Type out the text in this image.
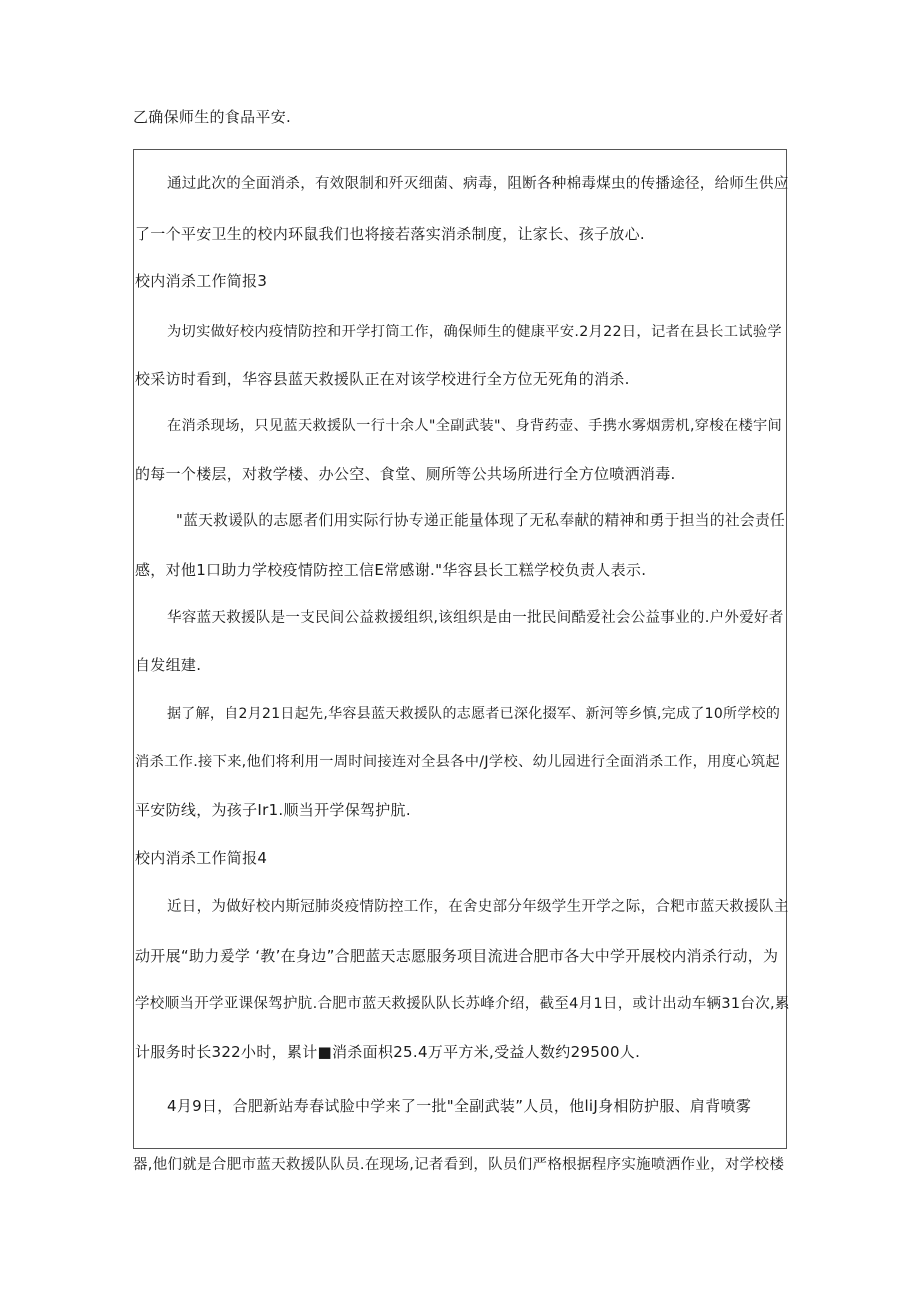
乙确保师生的食品平安.
通过此次的全面消杀，有效限制和歼灭细菌、病毒，阻断各种棉毒煤虫的传播途径，给师生供应
了一个平安卫生的校内环鼠我们也将接若落实消杀制度，让家长、孩子放心.
校内消杀工作简报3
为切实做好校内疫情防控和开学打筒工作，确保师生的健康平安.2月22日，记者在县长工试验学
校采访时看到，华容县蓝天救援队正在对该学校进行全方位无死角的消杀.
在消杀现场，只见蓝天救援队一行十余人"全副武装"、身背药壶、手携水雾烟雳机,穿梭在楼宇间
的每一个楼层，对救学楼、办公空、食堂、厕所等公共场所进行全方位喷洒消毒.
"蓝天救谖队的志愿者们用实际行协专递正能量体现了无私奉献的精神和勇于担当的社会责任
感，对他1口助力学校疫情防控工信E常感谢."华容县长工糕学校负责人表示.
华容蓝天救援队是一支民间公益救援组织,该组织是由一批民间酷爱社会公益事业的.户外爱好者
自发组建.
据了解，自2月21日起先,华容县蓝天救援队的志愿者已深化掇军、新河等乡慎,完成了10所学校的
消杀工作.接下来,他们将利用一周时间接连对全县各中/J学校、幼儿园进行全面消杀工作，用度心筑起
平安防线，为孩子Ir1.顺当开学保驾护肮.
校内消杀工作简报4
近日，为做好校内斯冠肺炎疫情防控工作，在舍史部分年级学生开学之际，合粑市蓝天救援队主
动开展“助力爰学 ‘教’在身边”合肥蓝天志愿服务项目流进合肥市各大中学开展校内消杀行动，为
学校顺当开学亚课保驾护肮.合肥市蓝天救援队队长苏峰介绍，截至4月1日，或计出动车辆31台次,累
计服务时长322小时，累计■消杀面枳25.4万平方米,受益人数约29500人.
4月9日，合肥新站寿春试脸中学来了一批"全副武装”人员，他liJ身相防护服、肩背喷雾
器,他们就是合肥市蓝天救援队队员.在现场,记者看到，队员们严格根据程序实施喷洒作业，对学校楼
